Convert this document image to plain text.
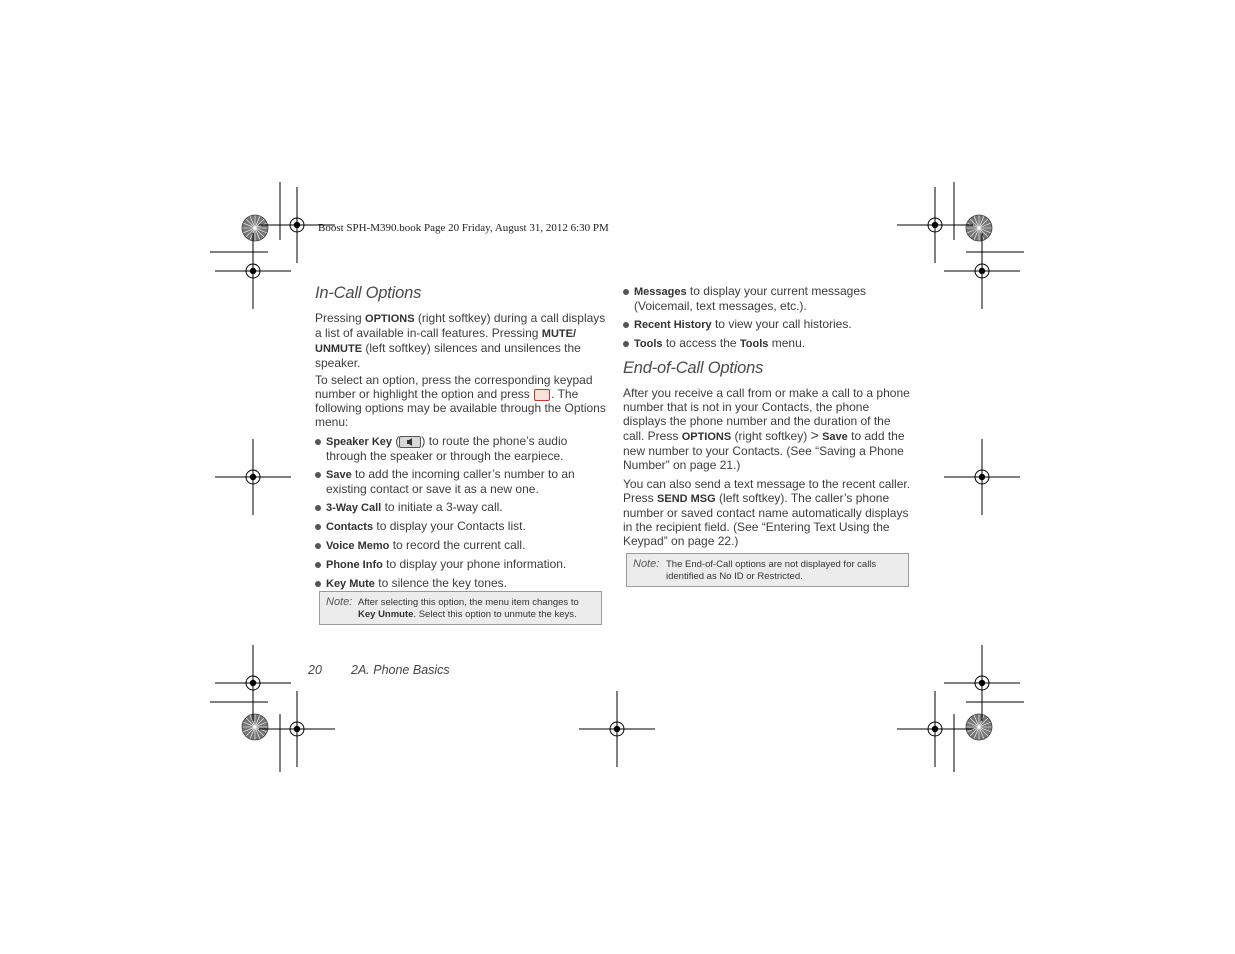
Boost SPH-M390.book Page 20 Friday, August 31, 2012 6:30 PM
In-Call Options

Pressing OPTIONS (right softkey) during a call displays a list of available in-call features. Pressing MUTE/ UNMUTE (left softkey) silences and unsilences the speaker.

To select an option, press the corresponding keypad number or highlight the option and press . The following options may be available through the Options menu:

Speaker Key ( ) to route the phone’s audio through the speaker or through the earpiece.
Save to add the incoming caller’s number to an existing contact or save it as a new one.
3-Way Call to initiate a 3-way call.
Contacts to display your Contacts list.
Voice Memo to record the current call.
Phone Info to display your phone information.
Key Mute to silence the key tones.
Note: After selecting this option, the menu item changes to Key Unmute. Select this option to unmute the keys.
Messages to display your current messages (Voicemail, text messages, etc.).
Recent History to view your call histories.
Tools to access the Tools menu.
End-of-Call Options

After you receive a call from or make a call to a phone number that is not in your Contacts, the phone displays the phone number and the duration of the call. Press OPTIONS (right softkey) > Save to add the new number to your Contacts. (See “Saving a Phone Number” on page 21.)

You can also send a text message to the recent caller. Press SEND MSG (left softkey). The caller’s phone number or saved contact name automatically displays in the recipient field. (See “Entering Text Using the Keypad” on page 22.)

Note: The End-of-Call options are not displayed for calls identified as No ID or Restricted.
20 2A. Phone Basics
